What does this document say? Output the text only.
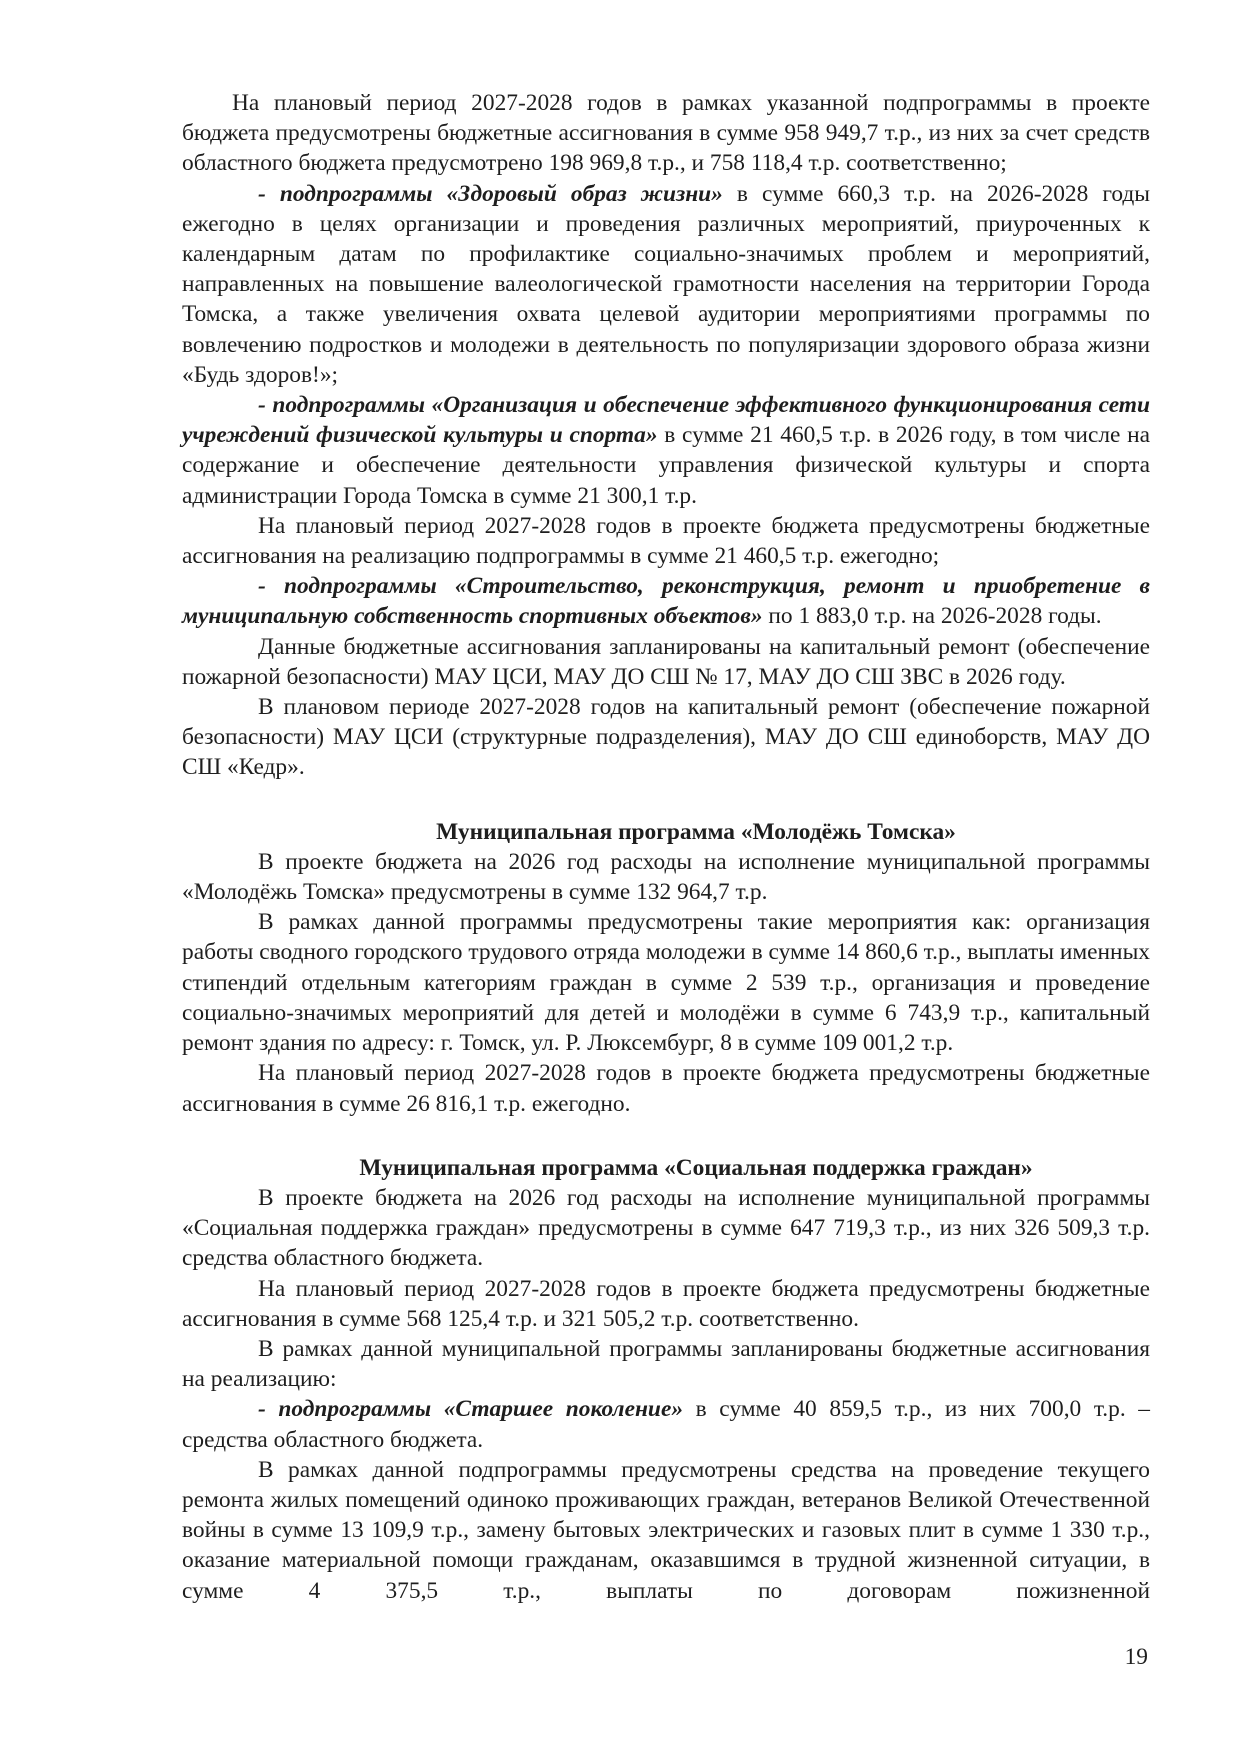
На плановый период 2027-2028 годов в рамках указанной подпрограммы в проекте бюджета предусмотрены бюджетные ассигнования в сумме 958 949,7 т.р., из них за счет средств областного бюджета предусмотрено 198 969,8 т.р., и 758 118,4 т.р. соответственно;

- подпрограммы «Здоровый образ жизни» в сумме 660,3 т.р. на 2026-2028 годы ежегодно в целях организации и проведения различных мероприятий, приуроченных к календарным датам по профилактике социально-значимых проблем и мероприятий, направленных на повышение валеологической грамотности населения на территории Города Томска, а также увеличения охвата целевой аудитории мероприятиями программы по вовлечению подростков и молодежи в деятельность по популяризации здорового образа жизни «Будь здоров!»;

- подпрограммы «Организация и обеспечение эффективного функционирования сети учреждений физической культуры и спорта» в сумме 21 460,5 т.р. в 2026 году, в том числе на содержание и обеспечение деятельности управления физической культуры и спорта администрации Города Томска в сумме 21 300,1 т.р.

На плановый период 2027-2028 годов в проекте бюджета предусмотрены бюджетные ассигнования на реализацию подпрограммы в сумме 21 460,5 т.р. ежегодно;

- подпрограммы «Строительство, реконструкция, ремонт и приобретение в муниципальную собственность спортивных объектов» по 1 883,0 т.р. на 2026-2028 годы.

Данные бюджетные ассигнования запланированы на капитальный ремонт (обеспечение пожарной безопасности) МАУ ЦСИ, МАУ ДО СШ № 17, МАУ ДО СШ ЗВС в 2026 году.

В плановом периоде 2027-2028 годов на капитальный ремонт (обеспечение пожарной безопасности) МАУ ЦСИ (структурные подразделения), МАУ ДО СШ единоборств, МАУ ДО СШ «Кедр».

Муниципальная программа «Молодёжь Томска»

В проекте бюджета на 2026 год расходы на исполнение муниципальной программы «Молодёжь Томска» предусмотрены в сумме 132 964,7 т.р.

В рамках данной программы предусмотрены такие мероприятия как: организация работы сводного городского трудового отряда молодежи в сумме 14 860,6 т.р., выплаты именных стипендий отдельным категориям граждан в сумме 2 539 т.р., организация и проведение социально-значимых мероприятий для детей и молодёжи в сумме 6 743,9 т.р., капитальный ремонт здания по адресу: г. Томск, ул. Р. Люксембург, 8 в сумме 109 001,2 т.р.

На плановый период 2027-2028 годов в проекте бюджета предусмотрены бюджетные ассигнования в сумме 26 816,1 т.р. ежегодно.

Муниципальная программа «Социальная поддержка граждан»

В проекте бюджета на 2026 год расходы на исполнение муниципальной программы «Социальная поддержка граждан» предусмотрены в сумме 647 719,3 т.р., из них 326 509,3 т.р. средства областного бюджета.

На плановый период 2027-2028 годов в проекте бюджета предусмотрены бюджетные ассигнования в сумме 568 125,4 т.р. и 321 505,2 т.р. соответственно.

В рамках данной муниципальной программы запланированы бюджетные ассигнования на реализацию:

- подпрограммы «Старшее поколение» в сумме 40 859,5 т.р., из них 700,0 т.р. – средства областного бюджета.

В рамках данной подпрограммы предусмотрены средства на проведение текущего ремонта жилых помещений одиноко проживающих граждан, ветеранов Великой Отечественной войны в сумме 13 109,9 т.р., замену бытовых электрических и газовых плит в сумме 1 330 т.р., оказание материальной помощи гражданам, оказавшимся в трудной жизненной ситуации, в сумме 4 375,5 т.р., выплаты по договорам пожизненной

19
